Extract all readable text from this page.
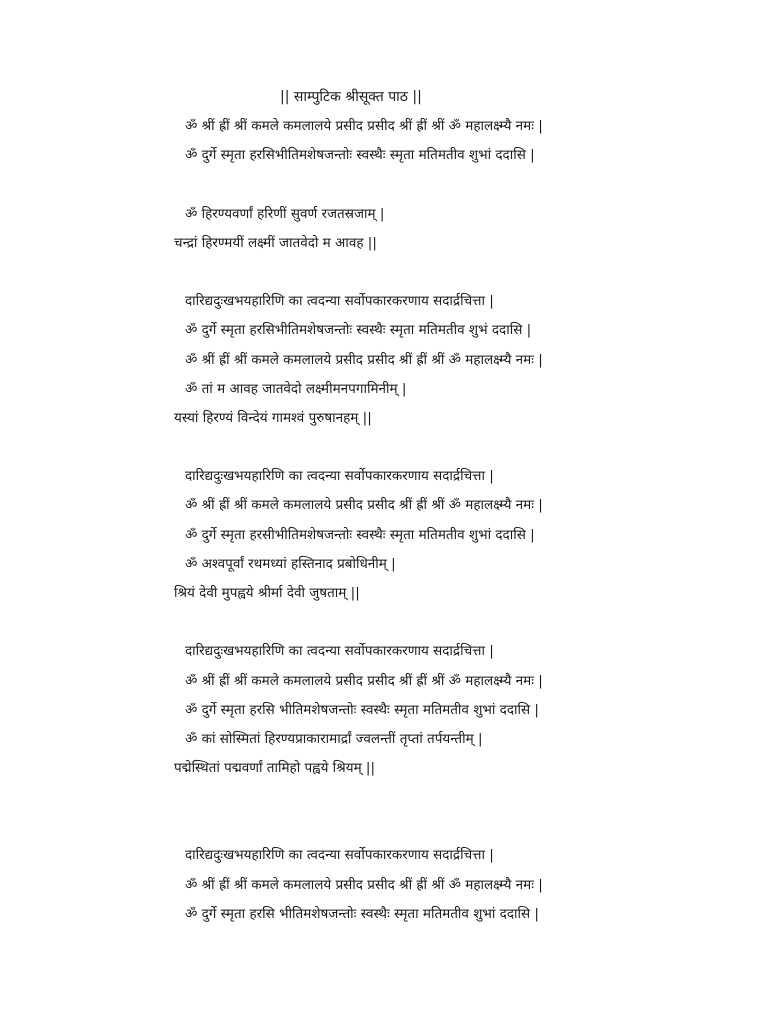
|| साम्पुटिक श्रीसूक्त पाठ ||
ॐ श्रीं ह्रीं श्रीं कमले कमलालये प्रसीद प्रसीद श्रीं ह्रीं श्रीं ॐ महालक्ष्म्यै नमः |
ॐ दुर्गे स्मृता हरसिभीतिमशेषजन्तोः स्वस्थैः स्मृता मतिमतीव शुभां ददासि |
ॐ हिरण्यवर्णां हरिणीं सुवर्ण रजतस्रजाम् |
चन्द्रां हिरण्मयीं लक्ष्मीं जातवेदो म आवह ||
दारिद्यदुःखभयहारिणि का त्वदन्या सर्वोपकारकरणाय सदार्द्रचित्ता |
ॐ दुर्गे स्मृता हरसिभीतिमशेषजन्तोः स्वस्थैः स्मृता मतिमतीव शुभं ददासि |
ॐ श्रीं ह्रीं श्रीं कमले कमलालये प्रसीद प्रसीद श्रीं ह्रीं श्रीं ॐ महालक्ष्म्यै नमः |
ॐ तां म आवह जातवेदो लक्ष्मीमनपगामिनीम् |
यस्यां हिरण्यं विन्देयं गामश्वं पुरुषानहम् ||
दारिद्यदुःखभयहारिणि का त्वदन्या सर्वोपकारकरणाय सदार्द्रचित्ता |
ॐ श्रीं ह्रीं श्रीं कमले कमलालये प्रसीद प्रसीद श्रीं ह्रीं श्रीं ॐ महालक्ष्म्यै नमः |
ॐ दुर्गे स्मृता हरसीभीतिमशेषजन्तोः स्वस्थैः स्मृता मतिमतीव शुभां ददासि |
ॐ अश्वपूर्वां रथमध्यां हस्तिनाद प्रबोधिनीम् |
श्रियं देवी मुपह्वये श्रीर्मा देवी जुषताम् ||
दारिद्यदुःखभयहारिणि का त्वदन्या सर्वोपकारकरणाय सदार्द्रचित्ता |
ॐ श्रीं ह्रीं श्रीं कमले कमलालये प्रसीद प्रसीद श्रीं ह्रीं श्रीं ॐ महालक्ष्म्यै नमः |
ॐ दुर्गे स्मृता हरसि भीतिमशेषजन्तोः स्वस्थैः स्मृता मतिमतीव शुभां ददासि |
ॐ कां सोस्मितां हिरण्यप्राकारामार्द्रां ज्वलन्तीं तृप्तां तर्पयन्तीम् |
पद्मेस्थितां पद्मवर्णां तामिहो पह्वये श्रियम् ||
दारिद्यदुःखभयहारिणि का त्वदन्या सर्वोपकारकरणाय सदार्द्रचित्ता |
ॐ श्रीं ह्रीं श्रीं कमले कमलालये प्रसीद प्रसीद श्रीं ह्रीं श्रीं ॐ महालक्ष्म्यै नमः |
ॐ दुर्गे स्मृता हरसि भीतिमशेषजन्तोः स्वस्थैः स्मृता मतिमतीव शुभां ददासि |
